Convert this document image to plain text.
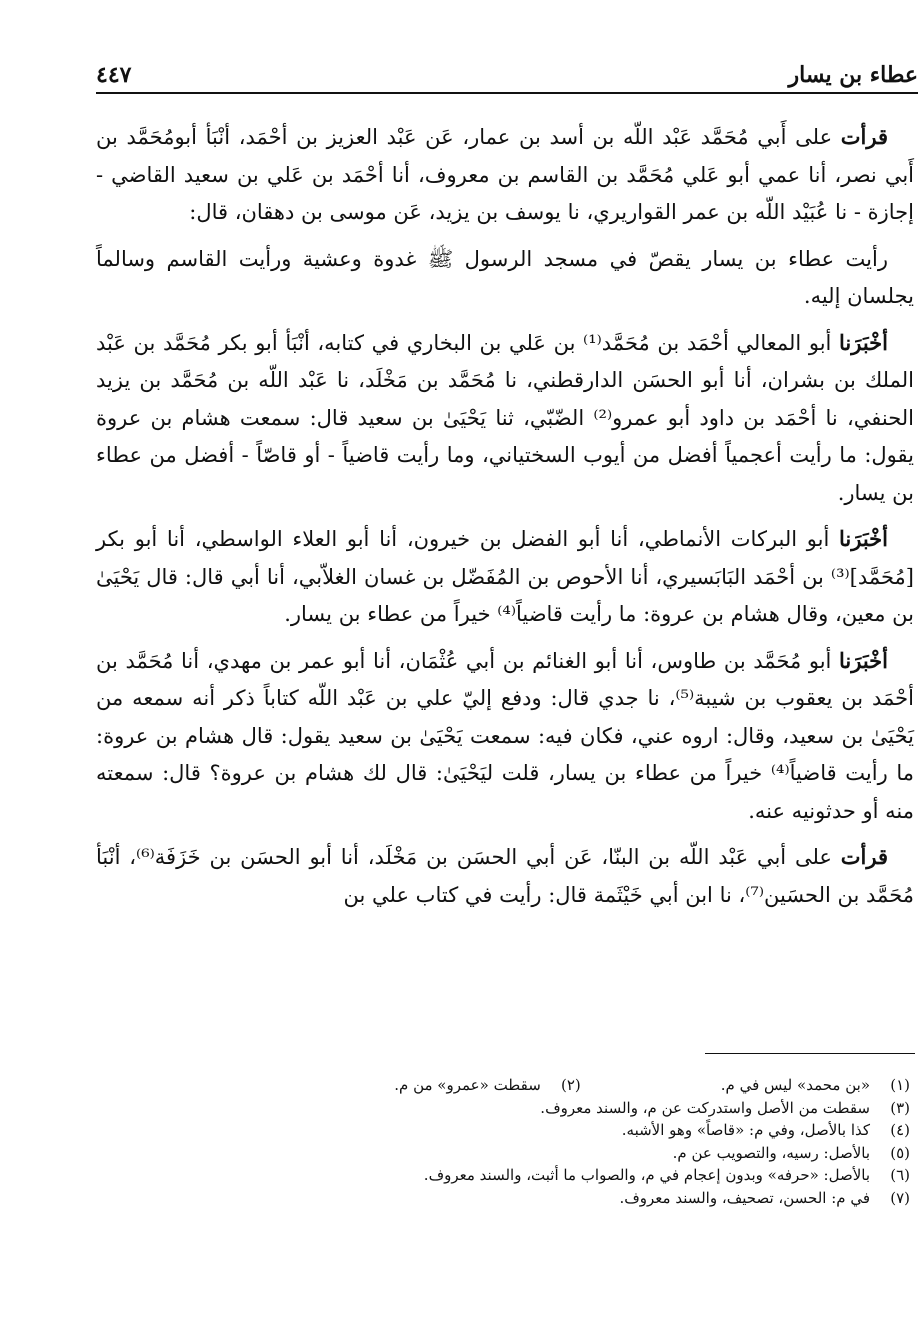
عطاء بن يسار
٤٤٧

قرأت على أَبي مُحَمَّد عَبْد اللّه بن أسد بن عمار، عَن عَبْد العزيز بن أحْمَد، أنْبَأ أبومُحَمَّد بن أَبي نصر، أنا عمي أبو عَلي مُحَمَّد بن القاسم بن معروف، أنا أحْمَد بن عَلي بن سعيد القاضي - إجازة - نا عُبَيْد اللّه بن عمر القواريري، نا يوسف بن يزيد، عَن موسى بن دهقان، قال:

رأيت عطاء بن يسار يقصّ في مسجد الرسول ﷺ غدوة وعشية ورأيت القاسم وسالماً يجلسان إليه.

أخْبَرَنا أبو المعالي أحْمَد بن مُحَمَّد⁽¹⁾ بن عَلي بن البخاري في كتابه، أنْبَأ أبو بكر مُحَمَّد بن عَبْد الملك بن بشران، أنا أبو الحسَن الدارقطني، نا مُحَمَّد بن مَخْلَد، نا عَبْد اللّه بن مُحَمَّد بن يزيد الحنفي، نا أحْمَد بن داود أبو عمرو⁽²⁾ الضّبّي، ثنا يَحْيَىٰ بن سعيد قال: سمعت هشام بن عروة يقول: ما رأيت أعجمياً أفضل من أيوب السختياني، وما رأيت قاضياً - أو قاصّاً - أفضل من عطاء بن يسار.

أخْبَرَنا أبو البركات الأنماطي، أنا أبو الفضل بن خيرون، أنا أبو العلاء الواسطي، أنا أبو بكر [مُحَمَّد]⁽³⁾ بن أحْمَد البَابَسيري، أنا الأحوص بن المُفَضّل بن غسان الغلاّبي، أنا أبي قال: قال يَحْيَىٰ بن معين، وقال هشام بن عروة: ما رأيت قاضياً⁽⁴⁾ خيراً من عطاء بن يسار.

أخْبَرَنا أبو مُحَمَّد بن طاوس، أنا أبو الغنائم بن أبي عُثْمَان، أنا أبو عمر بن مهدي، أنا مُحَمَّد بن أحْمَد بن يعقوب بن شيبة⁽⁵⁾، نا جدي قال: ودفع إليّ علي بن عَبْد اللّه كتاباً ذكر أنه سمعه من يَحْيَىٰ بن سعيد، وقال: اروه عني، فكان فيه: سمعت يَحْيَىٰ بن سعيد يقول: قال هشام بن عروة: ما رأيت قاضياً⁽⁴⁾ خيراً من عطاء بن يسار، قلت ليَحْيَىٰ: قال لك هشام بن عروة؟ قال: سمعته منه أو حدثونيه عنه.

قرأت على أبي عَبْد اللّه بن البنّا، عَن أبي الحسَن بن مَخْلَد، أنا أبو الحسَن بن خَزَفَة⁽⁶⁾، أنْبَأ مُحَمَّد بن الحسَين⁽⁷⁾، نا ابن أبي خَيْثَمة قال: رأيت في كتاب علي بن

(١)«بن محمد» ليس في م.
(٢)سقطت «عمرو» من م.
(٣)سقطت من الأصل واستدركت عن م، والسند معروف.
(٤)كذا بالأصل، وفي م: «قاصاً» وهو الأشبه.
(٥)بالأصل: رسيه، والتصويب عن م.
(٦)بالأصل: «حرفه» وبدون إعجام في م، والصواب ما أثبت، والسند معروف.
(٧)في م: الحسن، تصحيف، والسند معروف.
